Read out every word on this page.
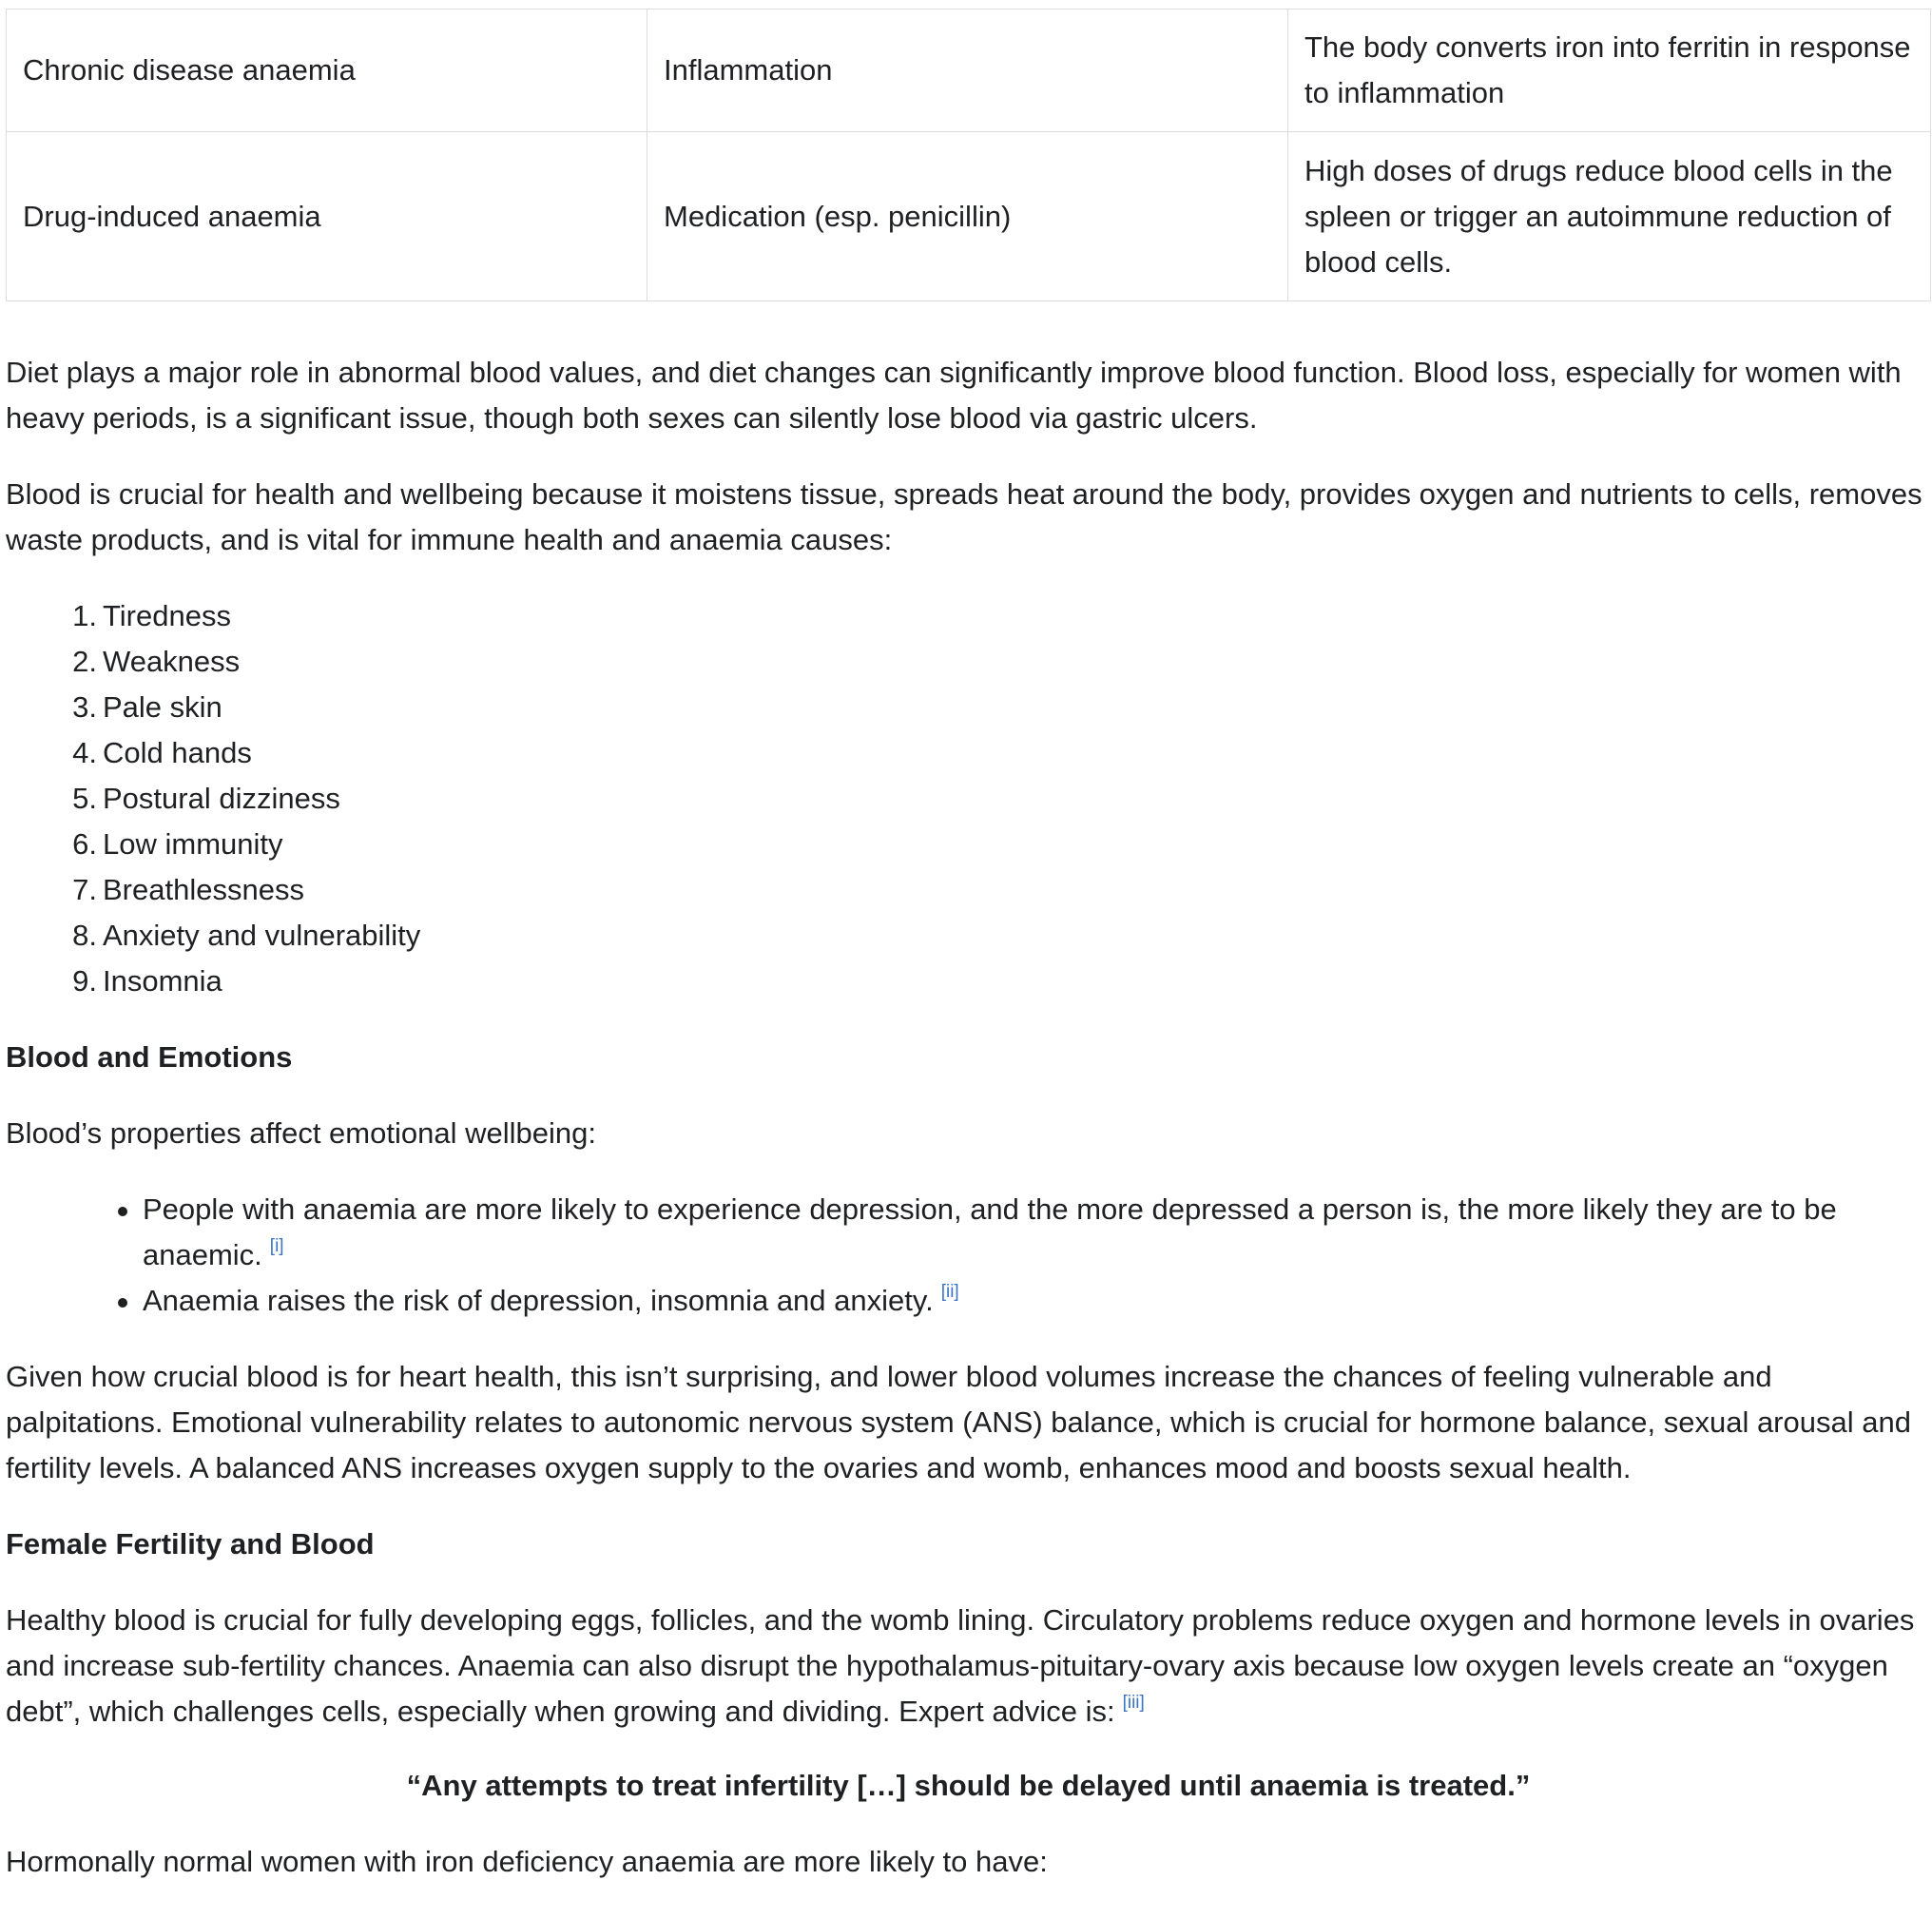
Chronic disease anaemia	Inflammation	The body converts iron into ferritin in response to inflammation
Drug-induced anaemia	Medication (esp. penicillin)	High doses of drugs reduce blood cells in the spleen or trigger an autoimmune reduction of blood cells.

Diet plays a major role in abnormal blood values, and diet changes can significantly improve blood function. Blood loss, especially for women with heavy periods, is a significant issue, though both sexes can silently lose blood via gastric ulcers.

Blood is crucial for health and wellbeing because it moistens tissue, spreads heat around the body, provides oxygen and nutrients to cells, removes waste products, and is vital for immune health and anaemia causes:

1. Tiredness
2. Weakness
3. Pale skin
4. Cold hands
5. Postural dizziness
6. Low immunity
7. Breathlessness
8. Anxiety and vulnerability
9. Insomnia
Blood and Emotions

Blood’s properties affect emotional wellbeing:

People with anaemia are more likely to experience depression, and the more depressed a person is, the more likely they are to be anaemic. [i]
Anaemia raises the risk of depression, insomnia and anxiety. [ii]

Given how crucial blood is for heart health, this isn’t surprising, and lower blood volumes increase the chances of feeling vulnerable and palpitations. Emotional vulnerability relates to autonomic nervous system (ANS) balance, which is crucial for hormone balance, sexual arousal and fertility levels. A balanced ANS increases oxygen supply to the ovaries and womb, enhances mood and boosts sexual health.

Female Fertility and Blood

Healthy blood is crucial for fully developing eggs, follicles, and the womb lining. Circulatory problems reduce oxygen and hormone levels in ovaries and increase sub-fertility chances. Anaemia can also disrupt the hypothalamus-pituitary-ovary axis because low oxygen levels create an “oxygen debt”, which challenges cells, especially when growing and dividing. Expert advice is: [iii]

“Any attempts to treat infertility […] should be delayed until anaemia is treated.”

Hormonally normal women with iron deficiency anaemia are more likely to have:
